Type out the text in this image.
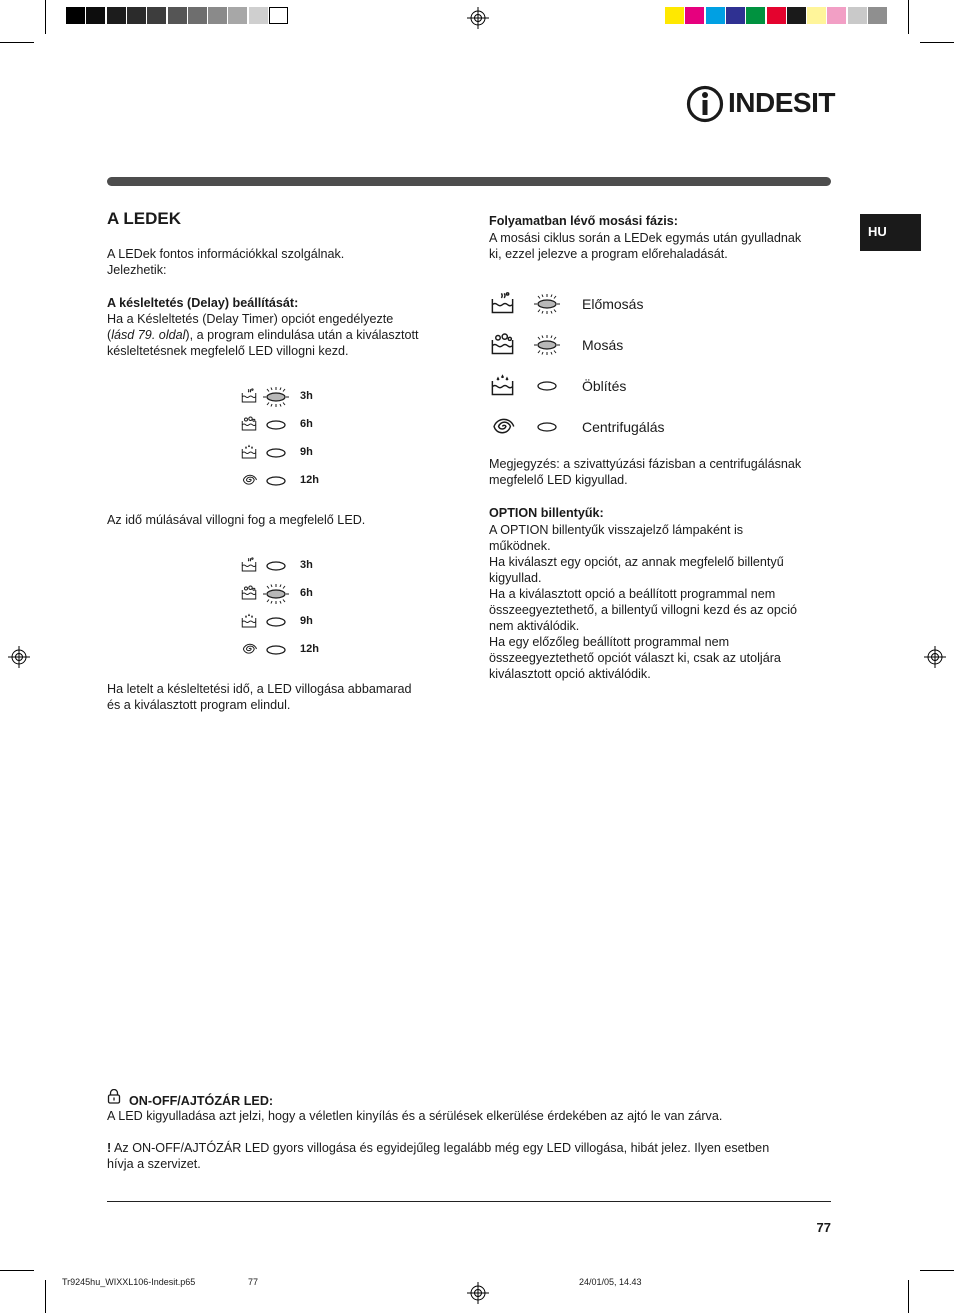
INDESIT
HU
A LEDEK
A LEDek fontos információkkal szolgálnak.
Jelezhetik:
A késleltetés (Delay) beállítását:
Ha a Késleltetés (Delay Timer) opciót engedélyezte
(lásd 79. oldal), a program elindulása után a kiválasztott
késleltetésnek megfelelő LED villogni kezd.
3h
6h
9h
12h
Az idő múlásával villogni fog a megfelelő LED.
3h
6h
9h
12h
Ha letelt a késleltetési idő, a LED villogása abbamarad
és a kiválasztott program elindul.
Folyamatban lévő mosási fázis:
A mosási ciklus során a LEDek egymás után gyulladnak
ki, ezzel jelezve a program előrehaladását.
Előmosás
Mosás
Öblítés
Centrifugálás
Megjegyzés: a szivattyúzási fázisban a centrifugálásnak
megfelelő LED kigyullad.
OPTION billentyűk:
A OPTION billentyűk visszajelző lámpaként is
működnek.
Ha kiválaszt egy opciót, az annak megfelelő billentyű
kigyullad.
Ha a kiválasztott opció a beállított programmal nem
összeegyeztethető, a billentyű villogni kezd és az opció
nem aktiválódik.
Ha egy előzőleg beállított programmal nem
összeegyeztethető opciót választ ki, csak az utoljára
kiválasztott opció aktiválódik.
ON-OFF/AJTÓZÁR LED:
A LED kigyulladása azt jelzi, hogy a véletlen kinyílás és a sérülések elkerülése érdekében az ajtó le van zárva.
! Az ON-OFF/AJTÓZÁR LED gyors villogása és egyidejűleg legalább még egy LED villogása, hibát jelez. Ilyen esetben
hívja a szervizet.
77
Tr9245hu_WIXXL106-Indesit.p65	77	24/01/05, 14.43
